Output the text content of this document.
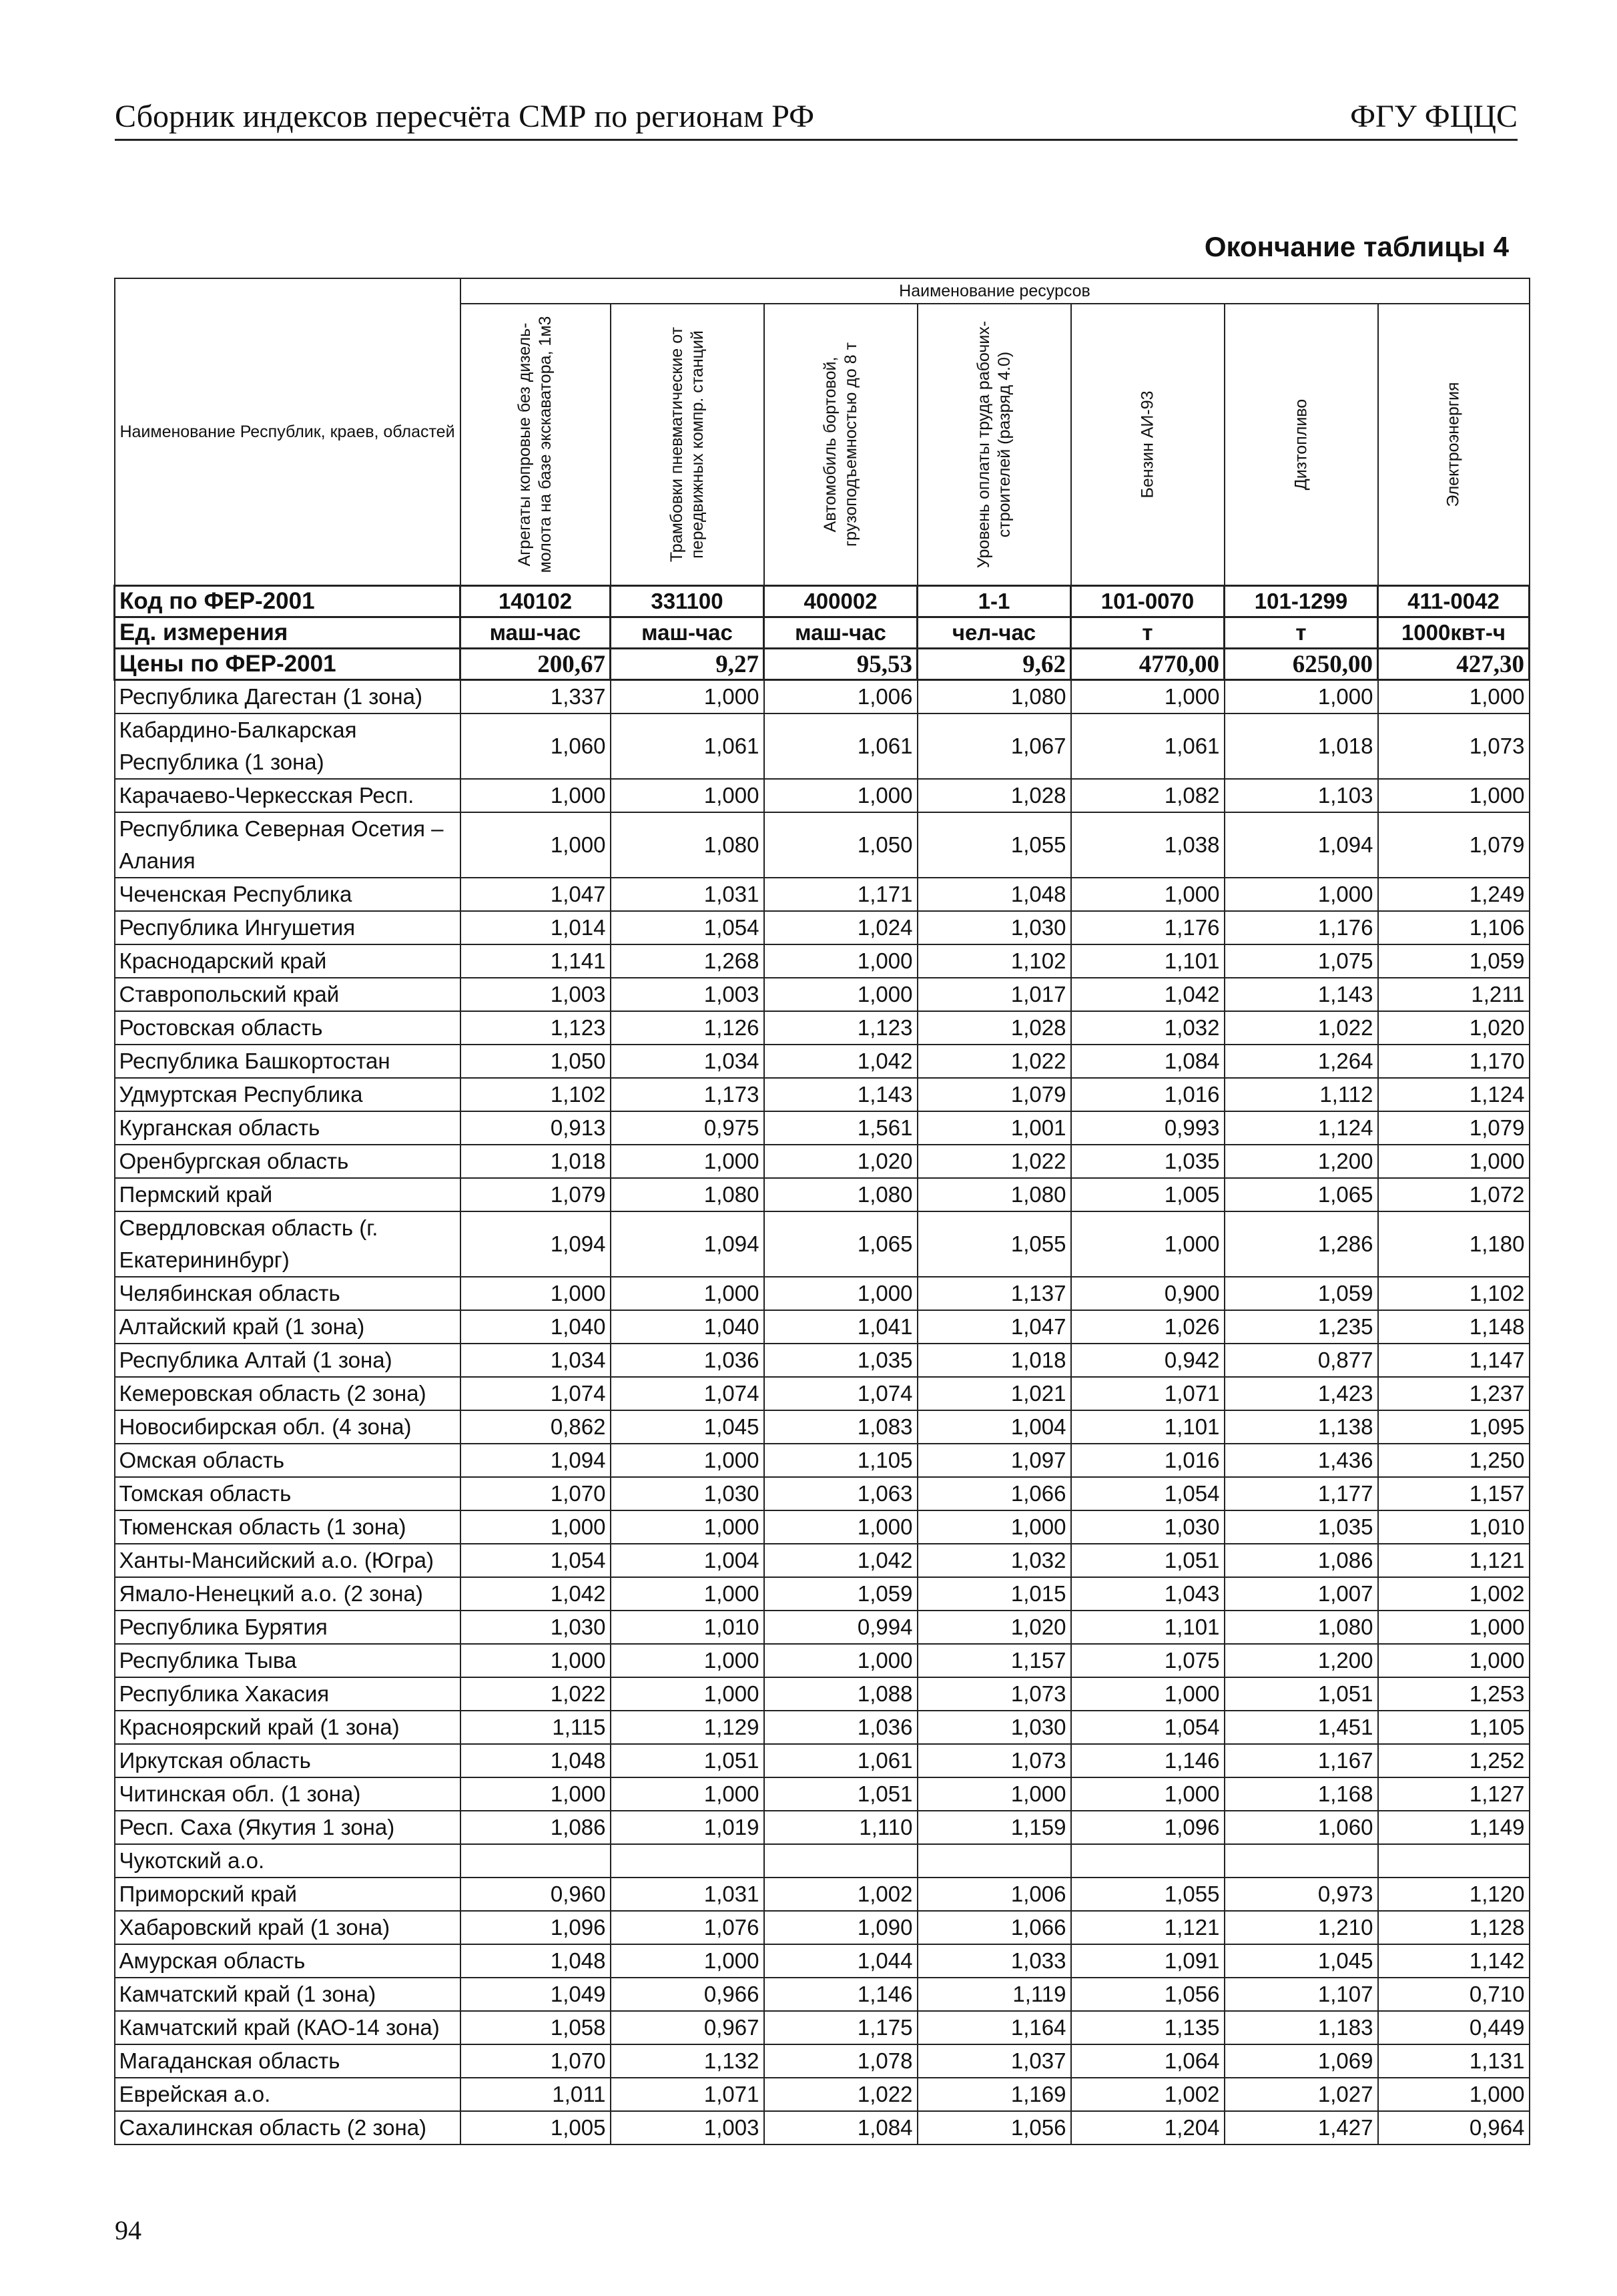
Сборник индексов пересчёта СМР по регионам РФ	ФГУ ФЦЦС
Окончание таблицы 4
Наименование Республик, краев, областей	Наименование ресурсов						

	Агрегаты копровые без дизель-молота на базе экскаватора, 1м3	Трамбовки пневматические от передвижных компр. станций	Автомобиль бортовой, грузоподъемностью до 8 т	Уровень оплаты труда рабочих-строителей (разряд 4.0)	Бензин АИ-93	Дизтопливо	Электроэнергия

Код по ФЕР-2001	140102	331100	400002	1-1	101-0070	101-1299	411-0042
Ед. измерения	маш-час	маш-час	маш-час	чел-час	т	т	1000квт-ч
Цены по ФЕР-2001	200,67	9,27	95,53	9,62	4770,00	6250,00	427,30
Республика Дагестан (1 зона)	1,337	1,000	1,006	1,080	1,000	1,000	1,000
Кабардино-Балкарская Республика (1 зона)	1,060	1,061	1,061	1,067	1,061	1,018	1,073
Карачаево-Черкесская Респ.	1,000	1,000	1,000	1,028	1,082	1,103	1,000
Республика Северная Осетия – Алания	1,000	1,080	1,050	1,055	1,038	1,094	1,079
Чеченская Республика	1,047	1,031	1,171	1,048	1,000	1,000	1,249
Республика Ингушетия	1,014	1,054	1,024	1,030	1,176	1,176	1,106
Краснодарский край	1,141	1,268	1,000	1,102	1,101	1,075	1,059
Ставропольский край	1,003	1,003	1,000	1,017	1,042	1,143	1,211
Ростовская область	1,123	1,126	1,123	1,028	1,032	1,022	1,020
Республика Башкортостан	1,050	1,034	1,042	1,022	1,084	1,264	1,170
Удмуртская Республика	1,102	1,173	1,143	1,079	1,016	1,112	1,124
Курганская область	0,913	0,975	1,561	1,001	0,993	1,124	1,079
Оренбургская область	1,018	1,000	1,020	1,022	1,035	1,200	1,000
Пермский край	1,079	1,080	1,080	1,080	1,005	1,065	1,072
Свердловская область (г. Екатерининбург)	1,094	1,094	1,065	1,055	1,000	1,286	1,180
Челябинская область	1,000	1,000	1,000	1,137	0,900	1,059	1,102
Алтайский край (1 зона)	1,040	1,040	1,041	1,047	1,026	1,235	1,148
Республика Алтай (1 зона)	1,034	1,036	1,035	1,018	0,942	0,877	1,147
Кемеровская область (2 зона)	1,074	1,074	1,074	1,021	1,071	1,423	1,237
Новосибирская обл. (4 зона)	0,862	1,045	1,083	1,004	1,101	1,138	1,095
Омская область	1,094	1,000	1,105	1,097	1,016	1,436	1,250
Томская область	1,070	1,030	1,063	1,066	1,054	1,177	1,157
Тюменская область (1 зона)	1,000	1,000	1,000	1,000	1,030	1,035	1,010
Ханты-Мансийский а.о. (Югра)	1,054	1,004	1,042	1,032	1,051	1,086	1,121
Ямало-Ненецкий а.о. (2 зона)	1,042	1,000	1,059	1,015	1,043	1,007	1,002
Республика Бурятия	1,030	1,010	0,994	1,020	1,101	1,080	1,000
Республика Тыва	1,000	1,000	1,000	1,157	1,075	1,200	1,000
Республика Хакасия	1,022	1,000	1,088	1,073	1,000	1,051	1,253
Красноярский край (1 зона)	1,115	1,129	1,036	1,030	1,054	1,451	1,105
Иркутская область	1,048	1,051	1,061	1,073	1,146	1,167	1,252
Читинская обл. (1 зона)	1,000	1,000	1,051	1,000	1,000	1,168	1,127
Респ. Саха (Якутия 1 зона)	1,086	1,019	1,110	1,159	1,096	1,060	1,149
Чукотский а.о.							
Приморский край	0,960	1,031	1,002	1,006	1,055	0,973	1,120
Хабаровский край (1 зона)	1,096	1,076	1,090	1,066	1,121	1,210	1,128
Амурская область	1,048	1,000	1,044	1,033	1,091	1,045	1,142
Камчатский край (1 зона)	1,049	0,966	1,146	1,119	1,056	1,107	0,710
Камчатский край (КАО-14 зона)	1,058	0,967	1,175	1,164	1,135	1,183	0,449
Магаданская область	1,070	1,132	1,078	1,037	1,064	1,069	1,131
Еврейская а.о.	1,011	1,071	1,022	1,169	1,002	1,027	1,000
Сахалинская область (2 зона)	1,005	1,003	1,084	1,056	1,204	1,427	0,964
94
